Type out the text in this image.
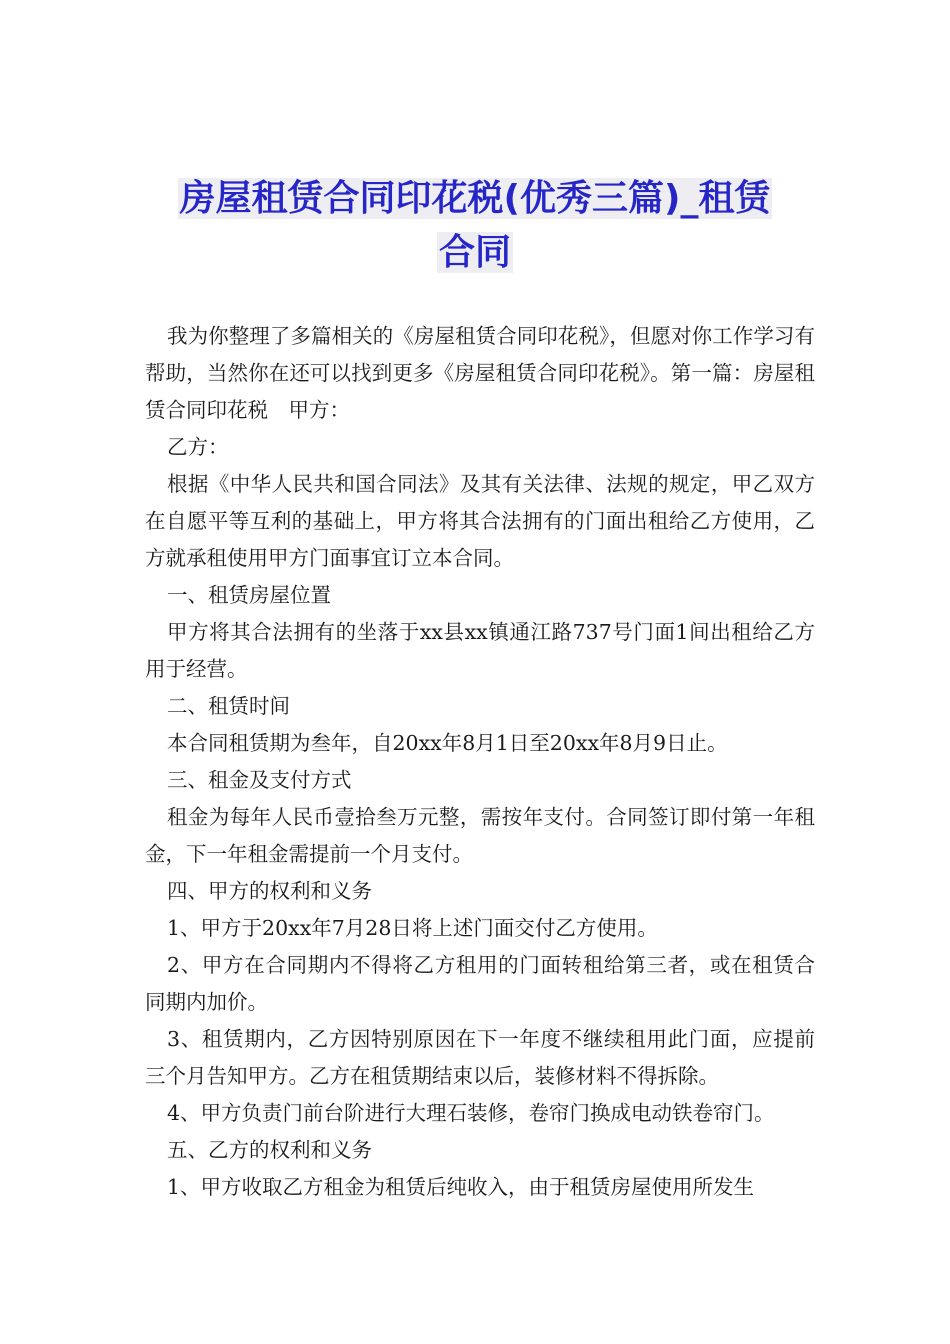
房屋租赁合同印花税(优秀三篇)_租赁
合同

我为你整理了多篇相关的《房屋租赁合同印花税》，但愿对你工作学习有帮助，当然你在还可以找到更多《房屋租赁合同印花税》。第一篇：房屋租赁合同印花税　甲方：

乙方：

根据《中华人民共和国合同法》及其有关法律、法规的规定，甲乙双方在自愿平等互利的基础上，甲方将其合法拥有的门面出租给乙方使用，乙方就承租使用甲方门面事宜订立本合同。

一、租赁房屋位置

甲方将其合法拥有的坐落于xx县xx镇通江路737号门面1间出租给乙方用于经营。

二、租赁时间

本合同租赁期为叁年，自20xx年8月1日至20xx年8月9日止。

三、租金及支付方式

租金为每年人民币壹拾叁万元整，需按年支付。合同签订即付第一年租金，下一年租金需提前一个月支付。

四、甲方的权利和义务

1、甲方于20xx年7月28日将上述门面交付乙方使用。

2、甲方在合同期内不得将乙方租用的门面转租给第三者，或在租赁合同期内加价。

3、租赁期内，乙方因特别原因在下一年度不继续租用此门面，应提前三个月告知甲方。乙方在租赁期结束以后，装修材料不得拆除。

4、甲方负责门前台阶进行大理石装修，卷帘门换成电动铁卷帘门。

五、乙方的权利和义务

1、甲方收取乙方租金为租赁后纯收入，由于租赁房屋使用所发生
